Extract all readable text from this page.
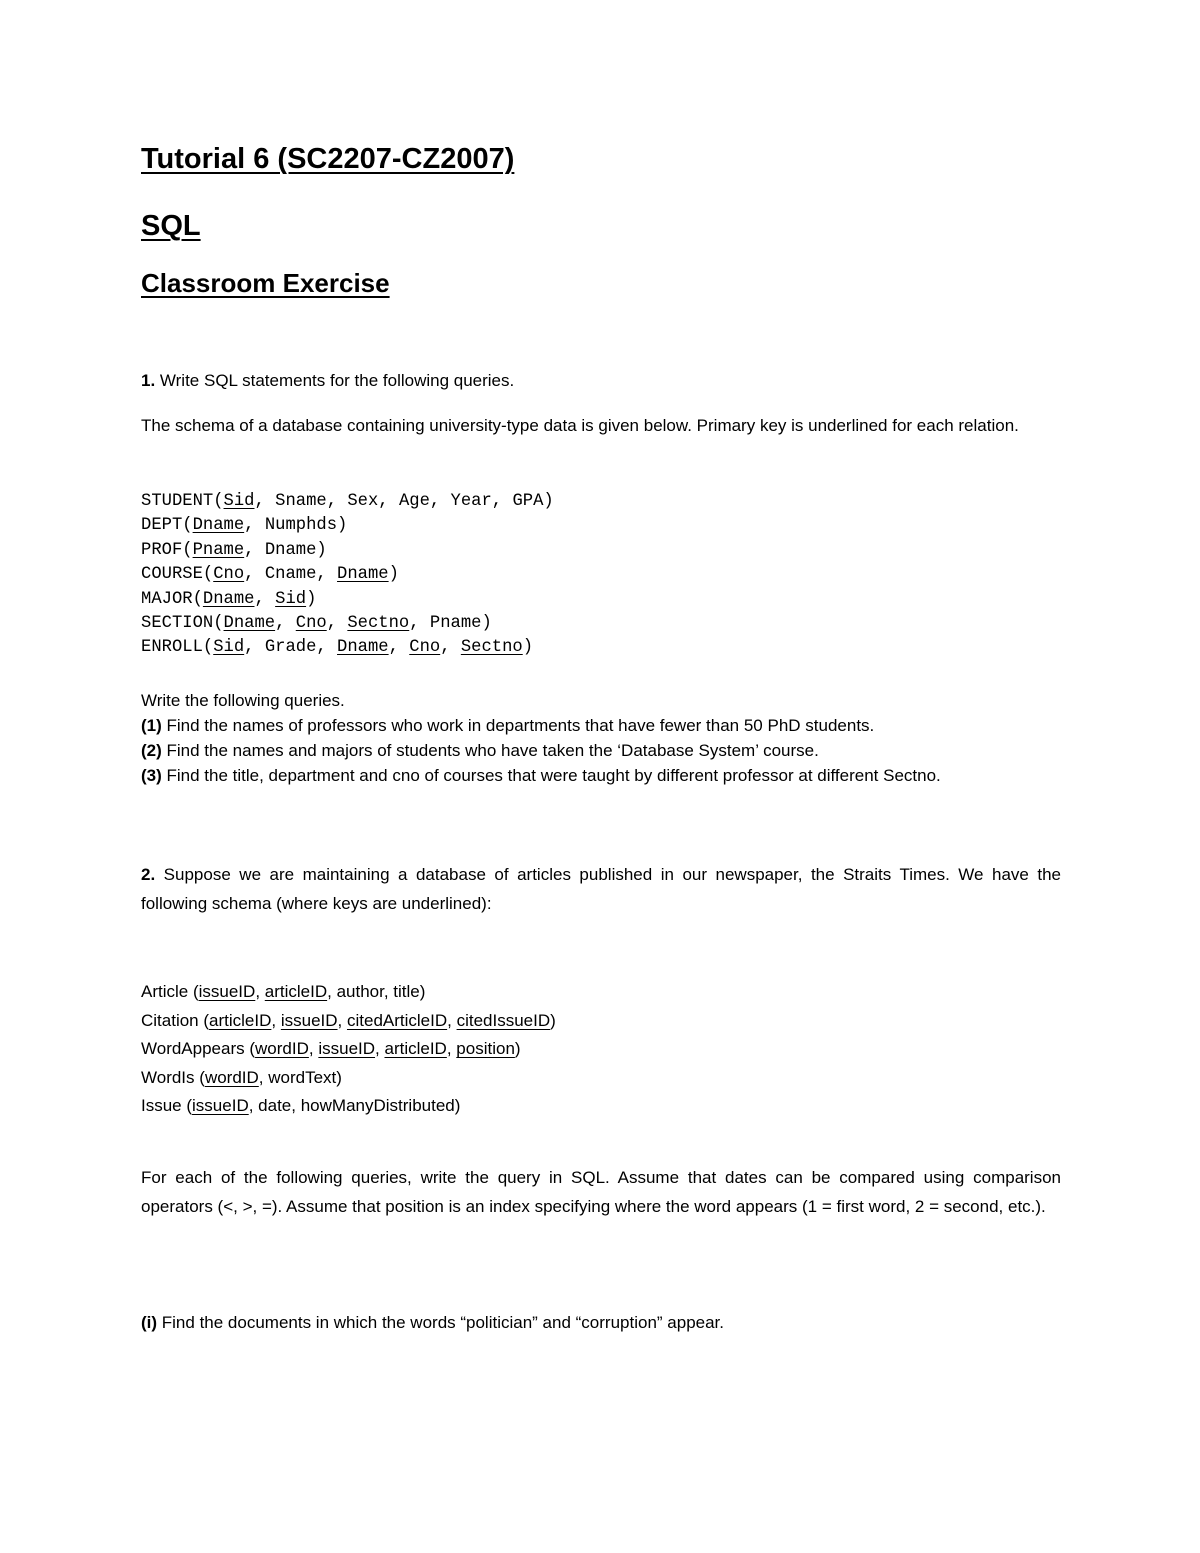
Tutorial 6 (SC2207-CZ2007)
SQL
Classroom Exercise
1. Write SQL statements for the following queries.
The schema of a database containing university-type data is given below. Primary key is underlined for each relation.
STUDENT(Sid, Sname, Sex, Age, Year, GPA)
DEPT(Dname, Numphds)
PROF(Pname, Dname)
COURSE(Cno, Cname, Dname)
MAJOR(Dname, Sid)
SECTION(Dname, Cno, Sectno, Pname)
ENROLL(Sid, Grade, Dname, Cno, Sectno)
Write the following queries.
(1) Find the names of professors who work in departments that have fewer than 50 PhD students.
(2) Find the names and majors of students who have taken the ‘Database System’ course.
(3) Find the title, department and cno of courses that were taught by different professor at different Sectno.
2. Suppose we are maintaining a database of articles published in our newspaper, the Straits Times. We have the following schema (where keys are underlined):
Article (issueID, articleID, author, title)
Citation (articleID, issueID, citedArticleID, citedIssueID)
WordAppears (wordID, issueID, articleID, position)
WordIs (wordID, wordText)
Issue (issueID, date, howManyDistributed)
For each of the following queries, write the query in SQL. Assume that dates can be compared using comparison operators (<, >, =). Assume that position is an index specifying where the word appears (1 = first word, 2 = second, etc.).
(i) Find the documents in which the words “politician” and “corruption” appear.
